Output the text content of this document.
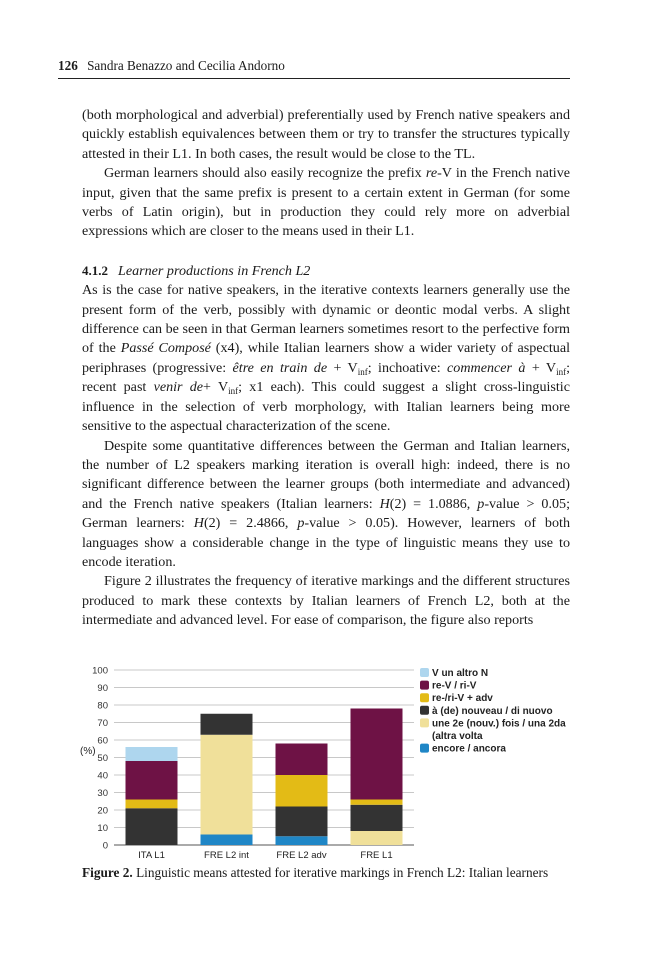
126 Sandra Benazzo and Cecilia Andorno

(both morphological and adverbial) preferentially used by French native speakers and quickly establish equivalences between them or try to transfer the structures typically attested in their L1. In both cases, the result would be close to the TL.

German learners should also easily recognize the prefix re-V in the French native input, given that the same prefix is present to a certain extent in German (for some verbs of Latin origin), but in production they could rely more on adverbial expressions which are closer to the means used in their L1.

4.1.2 Learner productions in French L2

As is the case for native speakers, in the iterative contexts learners generally use the present form of the verb, possibly with dynamic or deontic modal verbs. A slight difference can be seen in that German learners sometimes resort to the perfective form of the Passé Composé (x4), while Italian learners show a wider variety of aspectual periphrases (progressive: être en train de + $V_{inf}$; inchoative: commencer à + $V_{inf}$; recent past venir $de+ V_{inf}$; x1 each). This could suggest a slight cross-linguistic influence in the selection of verb morphology, with Italian learners being more sensitive to the aspectual characterization of the scene.

Despite some quantitative differences between the German and Italian learners, the number of L2 speakers marking iteration is overall high: indeed, there is no significant difference between the learner groups (both intermediate and advanced) and the French native speakers (Italian learners: H(2) = 1.0886, p-value > 0.05; German learners: H(2) = 2.4866, p-value > 0.05). However, learners of both languages show a considerable change in the type of linguistic means they use to encode iteration.

Figure 2 illustrates the frequency of iterative markings and the different structures produced to mark these contexts by Italian learners of French L2, both at the intermediate and advanced level. For ease of comparison, the figure also reports

0
10
20
30
40
50
60
70
80
90
100
(%)
ITA L1	FRE L2 int	FRE L2 adv	FRE L1
V un altro N
re-V / ri-V
re-/ri-V + adv
à (de) nouveau / di nuovo
une 2e (nouv.) fois / una 2da
(altra volta
encore / ancora
Figure 2. Linguistic means attested for iterative markings in French L2: Italian learners
